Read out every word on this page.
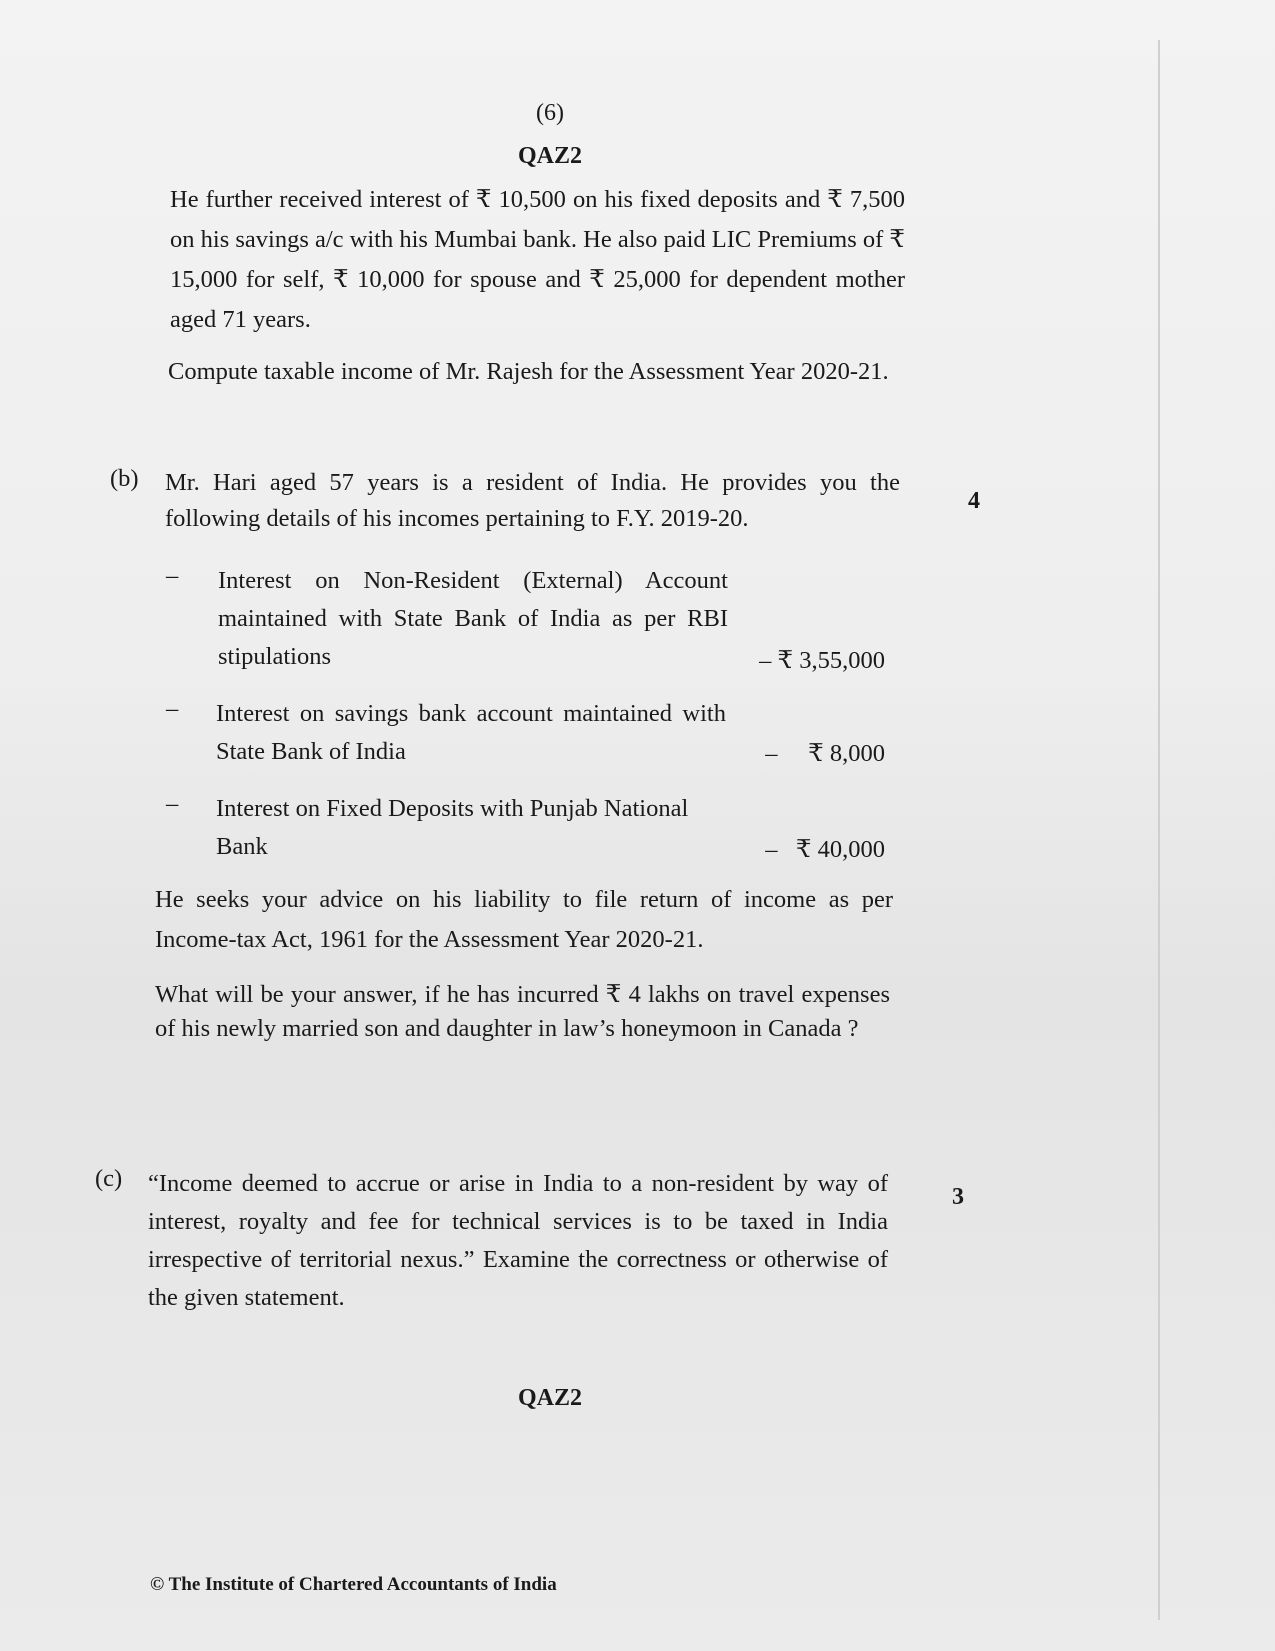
(6)
QAZ2

He further received interest of ₹ 10,500 on his fixed deposits and ₹ 7,500 on his savings a/c with his Mumbai bank. He also paid LIC Premiums of ₹ 15,000 for self, ₹ 10,000 for spouse and ₹ 25,000 for dependent mother aged 71 years.

Compute taxable income of Mr. Rajesh for the Assessment Year 2020-21.

(b)
4

Mr. Hari aged 57 years is a resident of India. He provides you the following details of his incomes pertaining to F.Y. 2019-20.

– Interest on Non-Resident (External) Account maintained with State Bank of India as per RBI stipulations	– ₹ 3,55,000
– Interest on savings bank account maintained with State Bank of India	–     ₹ 8,000
– Interest on Fixed Deposits with Punjab National Bank	–   ₹ 40,000

He seeks your advice on his liability to file return of income as per Income-tax Act, 1961 for the Assessment Year 2020-21.

What will be your answer, if he has incurred ₹ 4 lakhs on travel expenses of his newly married son and daughter in law’s honeymoon in Canada ?

(c)
3

“Income deemed to accrue or arise in India to a non-resident by way of interest, royalty and fee for technical services is to be taxed in India irrespective of territorial nexus.” Examine the correctness or otherwise of the given statement.

QAZ2
© The Institute of Chartered Accountants of India
